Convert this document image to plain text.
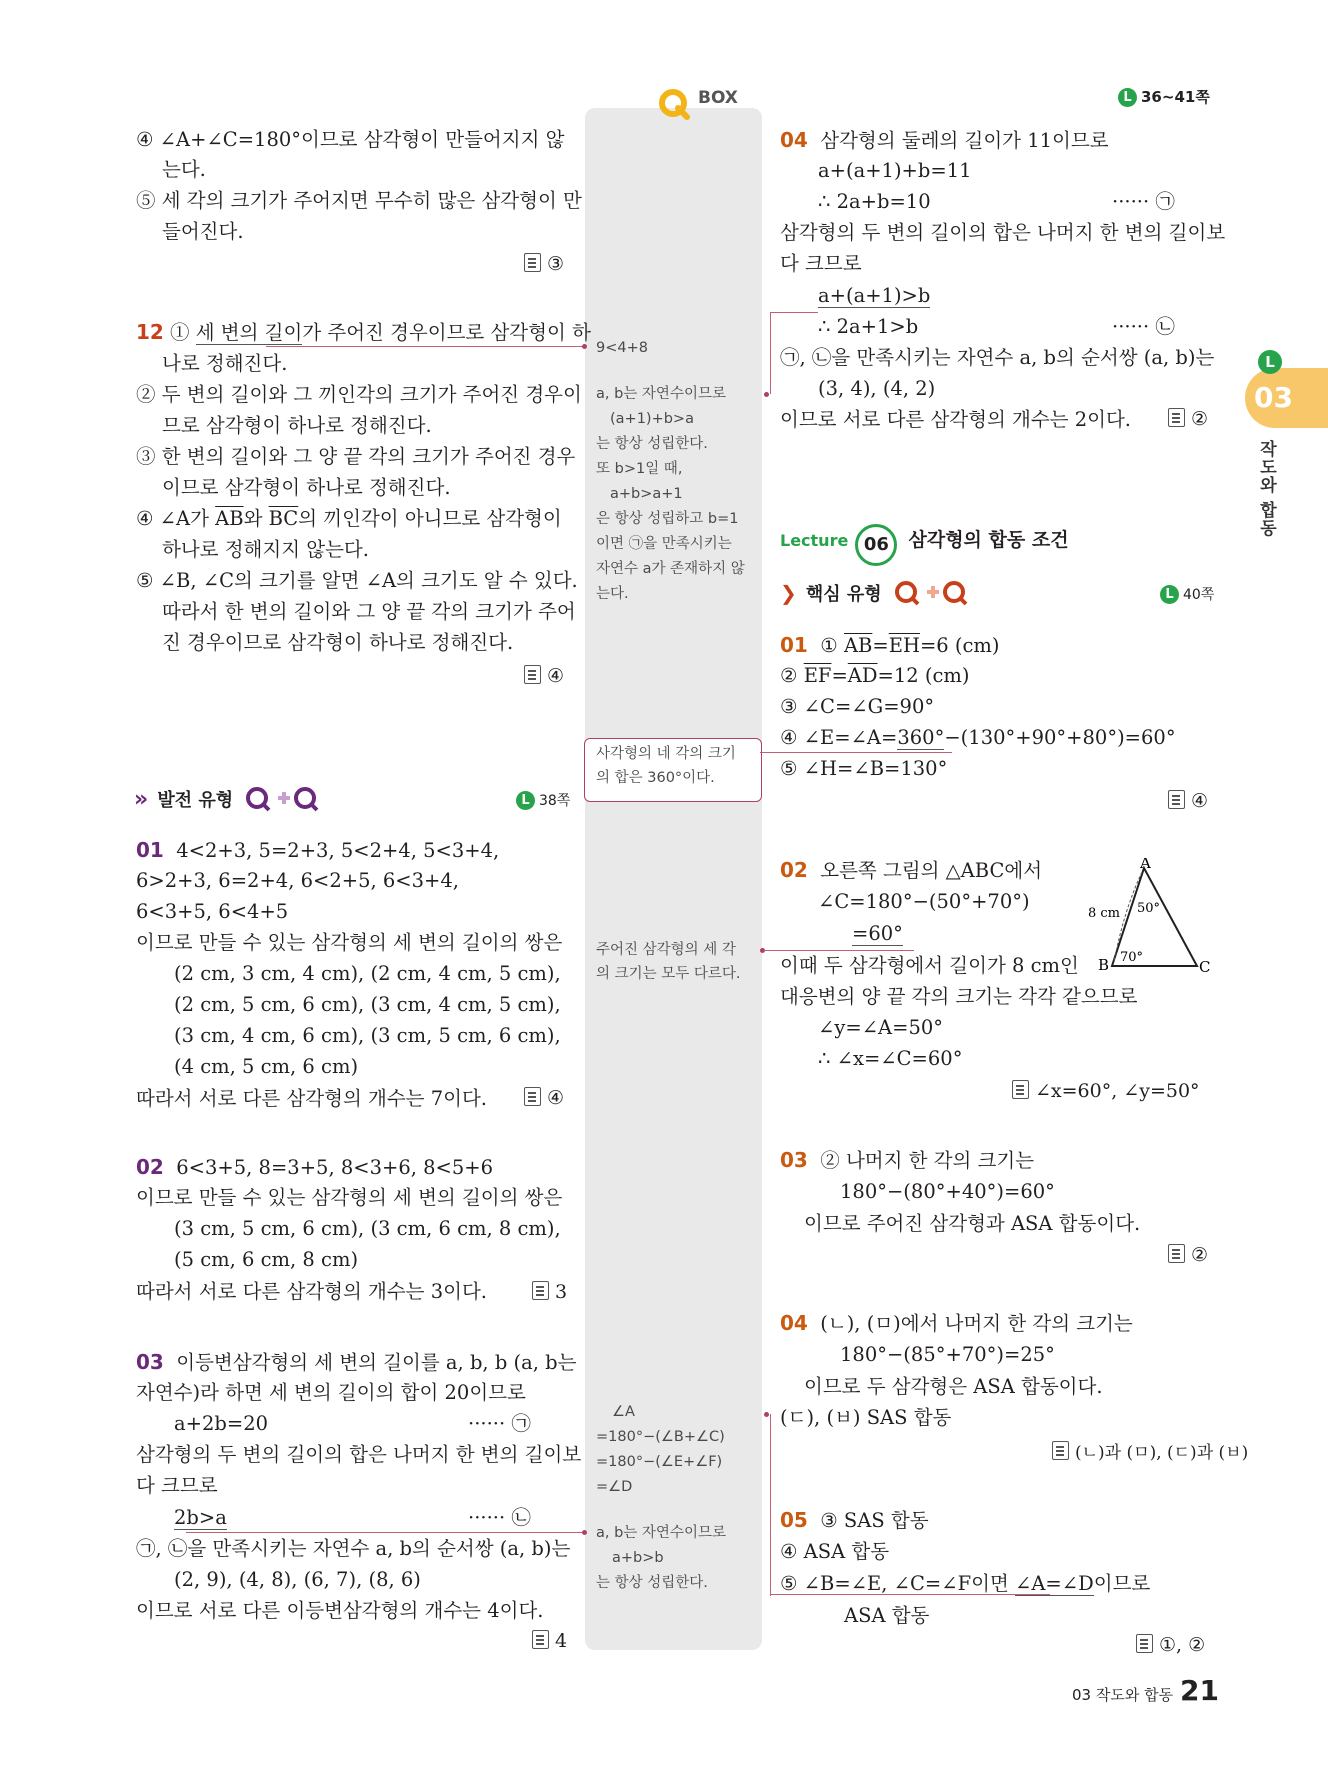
BOX	L 36~41쪽
L
03
작도와 합동
④ ∠A+∠C=180°이므로 삼각형이 만들어지지 않
는다.
⑤ 세 각의 크기가 주어지면 무수히 많은 삼각형이 만
들어진다.
③
12 ① 세 변의 길이가 주어진 경우이므로 삼각형이 하
나로 정해진다.
② 두 변의 길이와 그 끼인각의 크기가 주어진 경우이
므로 삼각형이 하나로 정해진다.
③ 한 변의 길이와 그 양 끝 각의 크기가 주어진 경우
이므로 삼각형이 하나로 정해진다.
④ ∠A가 $\overline{AB}$와 $\overline{BC}$의 끼인각이 아니므로 삼각형이
하나로 정해지지 않는다.
⑤ ∠B, ∠C의 크기를 알면 ∠A의 크기도 알 수 있다.
따라서 한 변의 길이와 그 양 끝 각의 크기가 주어
진 경우이므로 삼각형이 하나로 정해진다.
④
» 발전 유형	L 38쪽
01 4<2+3, 5=2+3, 5<2+4, 5<3+4,
6>2+3, 6=2+4, 6<2+5, 6<3+4,
6<3+5, 6<4+5
이므로 만들 수 있는 삼각형의 세 변의 길이의 쌍은
(2 cm, 3 cm, 4 cm), (2 cm, 4 cm, 5 cm),
(2 cm, 5 cm, 6 cm), (3 cm, 4 cm, 5 cm),
(3 cm, 4 cm, 6 cm), (3 cm, 5 cm, 6 cm),
(4 cm, 5 cm, 6 cm)
따라서 서로 다른 삼각형의 개수는 7이다.	④
02 6<3+5, 8=3+5, 8<3+6, 8<5+6
이므로 만들 수 있는 삼각형의 세 변의 길이의 쌍은
(3 cm, 5 cm, 6 cm), (3 cm, 6 cm, 8 cm),
(5 cm, 6 cm, 8 cm)
따라서 서로 다른 삼각형의 개수는 3이다.	3
03 이등변삼각형의 세 변의 길이를 a, b, b (a, b는
자연수)라 하면 세 변의 길이의 합이 20이므로
a+2b=20	······ ㉠
삼각형의 두 변의 길이의 합은 나머지 한 변의 길이보
다 크므로
2b>a	······ ㉡
㉠, ㉡을 만족시키는 자연수 a, b의 순서쌍 (a, b)는
(2, 9), (4, 8), (6, 7), (8, 6)
이므로 서로 다른 이등변삼각형의 개수는 4이다.
4
9<4+8
a, b는 자연수이므로
(a+1)+b>a
는 항상 성립한다.
또 b>1일 때,
a+b>a+1
은 항상 성립하고 b=1
이면 ㉠을 만족시키는
자연수 a가 존재하지 않
는다.
사각형의 네 각의 크기
의 합은 360°이다.
주어진 삼각형의 세 각
의 크기는 모두 다르다.
∠A
=180°−(∠B+∠C)
=180°−(∠E+∠F)
=∠D
a, b는 자연수이므로
a+b>b
는 항상 성립한다.
04 삼각형의 둘레의 길이가 11이므로
a+(a+1)+b=11
∴ 2a+b=10	······ ㉠
삼각형의 두 변의 길이의 합은 나머지 한 변의 길이보
다 크므로
a+(a+1)>b
∴ 2a+1>b	······ ㉡
㉠, ㉡을 만족시키는 자연수 a, b의 순서쌍 (a, b)는
(3, 4), (4, 2)
이므로 서로 다른 삼각형의 개수는 2이다.	②
Lecture 06 삼각형의 합동 조건
❯ 핵심 유형	L 40쪽
01 ① $\overline{AB}=\overline{EH}=6$ (cm)
② $\overline{EF}=\overline{AD}=12$ (cm)
③ ∠C=∠G=90°
④ ∠E=∠A=360°−(130°+90°+80°)=60°
⑤ ∠H=∠B=130°
④
02 오른쪽 그림의 △ABC에서
∠C=180°−(50°+70°)
=60°
이때 두 삼각형에서 길이가 8 cm인
대응변의 양 끝 각의 크기는 각각 같으므로
∠y=∠A=50°
∴ ∠x=∠C=60°
∠x=60°, ∠y=50°
A
B	C
8 cm 50°
70°
03 ② 나머지 한 각의 크기는
180°−(80°+40°)=60°
이므로 주어진 삼각형과 ASA 합동이다.
②
04 (ㄴ), (ㅁ)에서 나머지 한 각의 크기는
180°−(85°+70°)=25°
이므로 두 삼각형은 ASA 합동이다.
(ㄷ), (ㅂ) SAS 합동
(ㄴ)과 (ㅁ), (ㄷ)과 (ㅂ)
05 ③ SAS 합동
④ ASA 합동
⑤ ∠B=∠E, ∠C=∠F이면 ∠A=∠D이므로
ASA 합동
①, ②
03 작도와 합동 21
